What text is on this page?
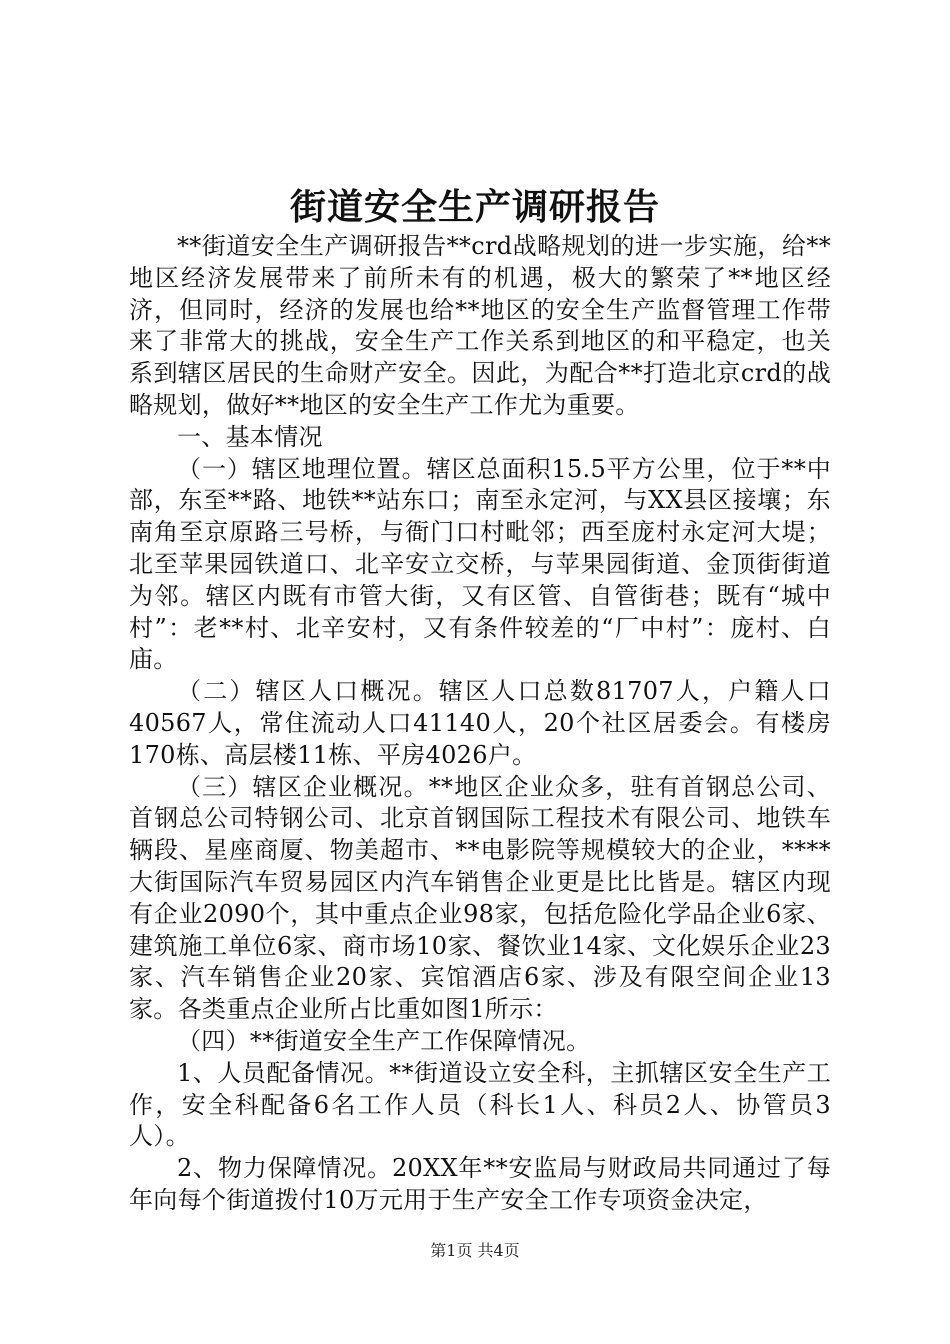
街道安全生产调研报告

**街道安全生产调研报告**crd战略规划的进一步实施，给**地区经济发展带来了前所未有的机遇，极大的繁荣了**地区经济，但同时，经济的发展也给**地区的安全生产监督管理工作带来了非常大的挑战，安全生产工作关系到地区的和平稳定，也关系到辖区居民的生命财产安全。因此，为配合**打造北京crd的战略规划，做好**地区的安全生产工作尤为重要。

一、基本情况

（一）辖区地理位置。辖区总面积15.5平方公里，位于**中部，东至**路、地铁**站东口；南至永定河，与XX县区接壤；东南角至京原路三号桥，与衙门口村毗邻；西至庞村永定河大堤；北至苹果园铁道口、北辛安立交桥，与苹果园街道、金顶街街道为邻。辖区内既有市管大街，又有区管、自管街巷；既有“城中村”：老**村、北辛安村，又有条件较差的“厂中村”：庞村、白庙。

（二）辖区人口概况。辖区人口总数81707人，户籍人口40567人，常住流动人口41140人，20个社区居委会。有楼房170栋、高层楼11栋、平房4026户。

（三）辖区企业概况。**地区企业众多，驻有首钢总公司、首钢总公司特钢公司、北京首钢国际工程技术有限公司、地铁车辆段、星座商厦、物美超市、**电影院等规模较大的企业，****大街国际汽车贸易园区内汽车销售企业更是比比皆是。辖区内现有企业2090个，其中重点企业98家，包括危险化学品企业6家、建筑施工单位6家、商市场10家、餐饮业14家、文化娱乐企业23家、汽车销售企业20家、宾馆酒店6家、涉及有限空间企业13家。各类重点企业所占比重如图1所示：

（四）**街道安全生产工作保障情况。

1、人员配备情况。**街道设立安全科，主抓辖区安全生产工作，安全科配备6名工作人员（科长1人、科员2人、协管员3人）。

2、物力保障情况。20XX年**安监局与财政局共同通过了每年向每个街道拨付10万元用于生产安全工作专项资金决定，

第1页 共4页
